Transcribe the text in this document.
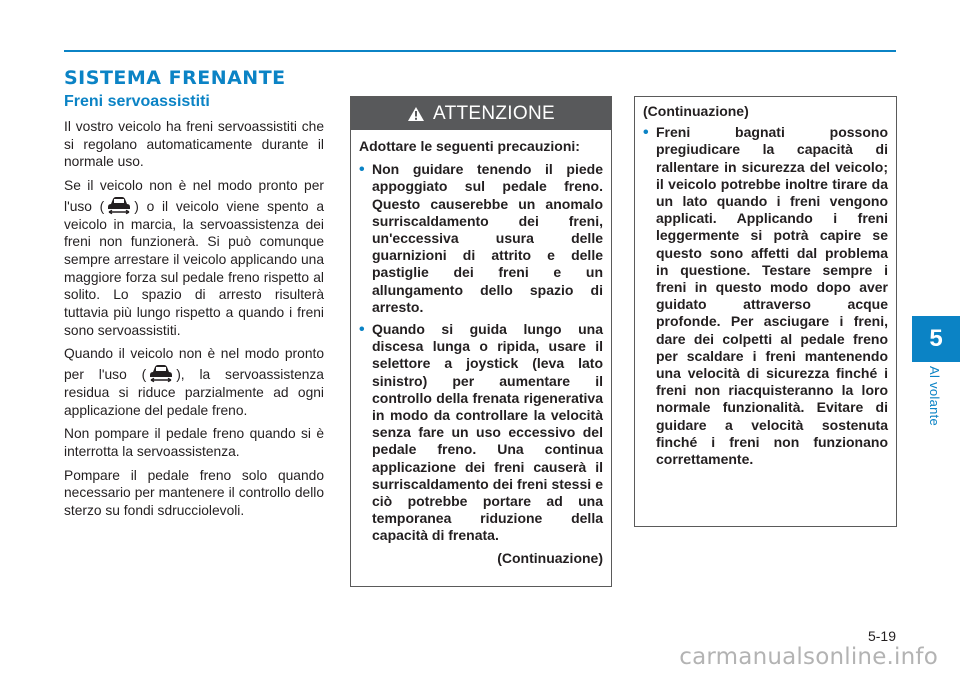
SISTEMA FRENANTE
Freni servoassistiti

Il vostro veicolo ha freni servoassistiti che si regolano automaticamente durante il normale uso.

Se il veicolo non è nel modo pronto per l'uso ( ) o il veicolo viene spento a veicolo in marcia, la servoassistenza dei freni non funzionerà. Si può comunque sempre arrestare il veicolo applicando una maggiore forza sul pedale freno rispetto al solito. Lo spazio di arresto risulterà tuttavia più lungo rispetto a quando i freni sono servoassistiti.

Quando il veicolo non è nel modo pronto per l'uso ( ), la servoassistenza residua si riduce parzialmente ad ogni applicazione del pedale freno.

Non pompare il pedale freno quando si è interrotta la servoassistenza.

Pompare il pedale freno solo quando necessario per mantenere il controllo dello sterzo su fondi sdrucciolevoli.

ATTENZIONE

Adottare le seguenti precauzioni:

• Non guidare tenendo il piede appoggiato sul pedale freno. Questo causerebbe un anomalo surriscaldamento dei freni, un'eccessiva usura delle guarnizioni di attrito e delle pastiglie dei freni e un allungamento dello spazio di arresto.
• Quando si guida lungo una discesa lunga o ripida, usare il selettore a joystick (leva lato sinistro) per aumentare il controllo della frenata rigenerativa in modo da controllare la velocità senza fare un uso eccessivo del pedale freno. Una continua applicazione dei freni causerà il surriscaldamento dei freni stessi e ciò potrebbe portare ad una temporanea riduzione della capacità di frenata.

(Continuazione)

(Continuazione)

• Freni bagnati possono pregiudicare la capacità di rallentare in sicurezza del veicolo; il veicolo potrebbe inoltre tirare da un lato quando i freni vengono applicati. Applicando i freni leggermente si potrà capire se questo sono affetti dal problema in questione. Testare sempre i freni in questo modo dopo aver guidato attraverso acque profonde. Per asciugare i freni, dare dei colpetti al pedale freno per scaldare i freni mantenendo una velocità di sicurezza finché i freni non riacquisteranno la loro normale funzionalità. Evitare di guidare a velocità sostenuta finché i freni non funzionano correttamente.
5
Al volante
5-19
carmanualsonline.info
